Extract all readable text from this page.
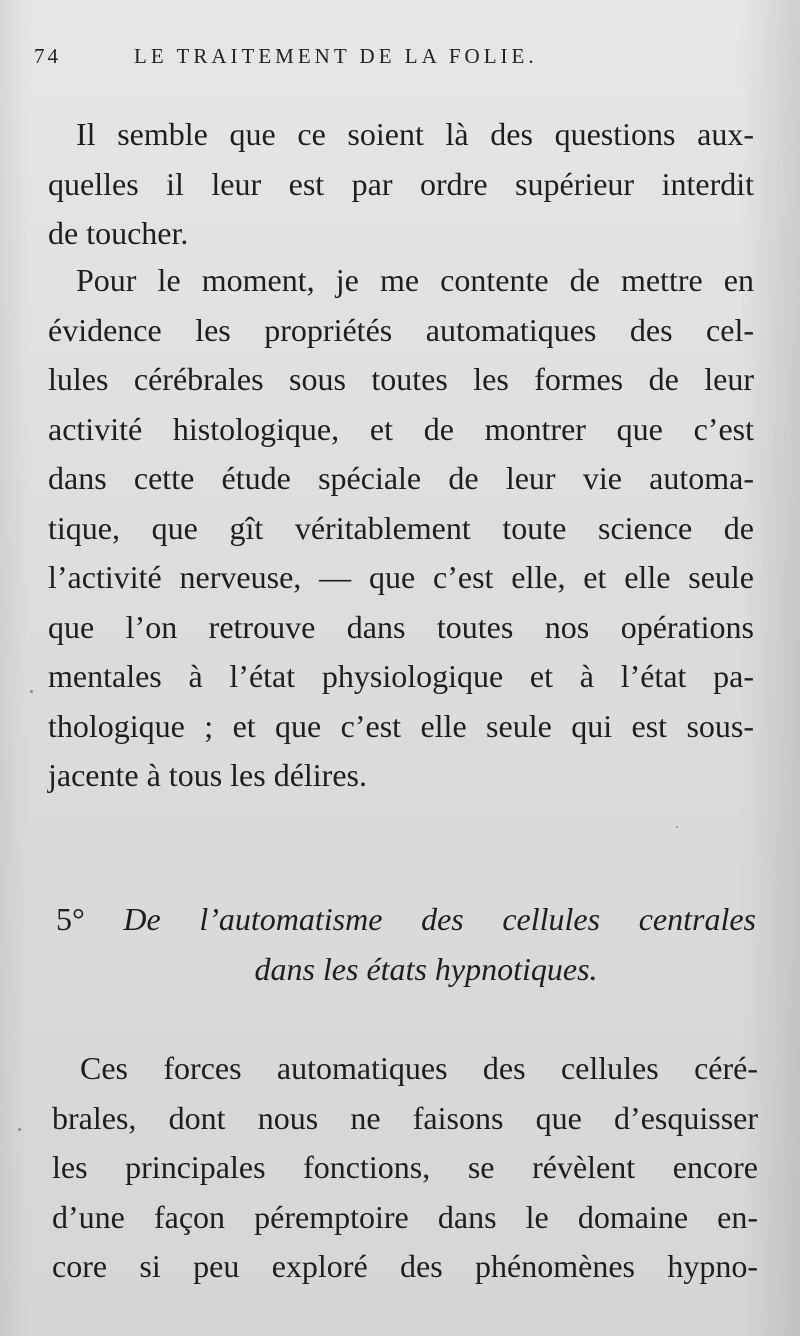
74	LE TRAITEMENT DE LA FOLIE.
Il semble que ce soient là des questions aux-
quelles il leur est par ordre supérieur interdit
de toucher.
Pour le moment, je me contente de mettre en
évidence les propriétés automatiques des cel-
lules cérébrales sous toutes les formes de leur
activité histologique, et de montrer que c’est
dans cette étude spéciale de leur vie automa-
tique, que gît véritablement toute science de
l’activité nerveuse, — que c’est elle, et elle seule
que l’on retrouve dans toutes nos opérations
mentales à l’état physiologique et à l’état pa-
thologique ; et que c’est elle seule qui est sous-
jacente à tous les délires.
5° De l’automatisme des cellules centrales
dans les états hypnotiques.
Ces forces automatiques des cellules céré-
brales, dont nous ne faisons que d’esquisser
les principales fonctions, se révèlent encore
d’une façon péremptoire dans le domaine en-
core si peu exploré des phénomènes hypno-
